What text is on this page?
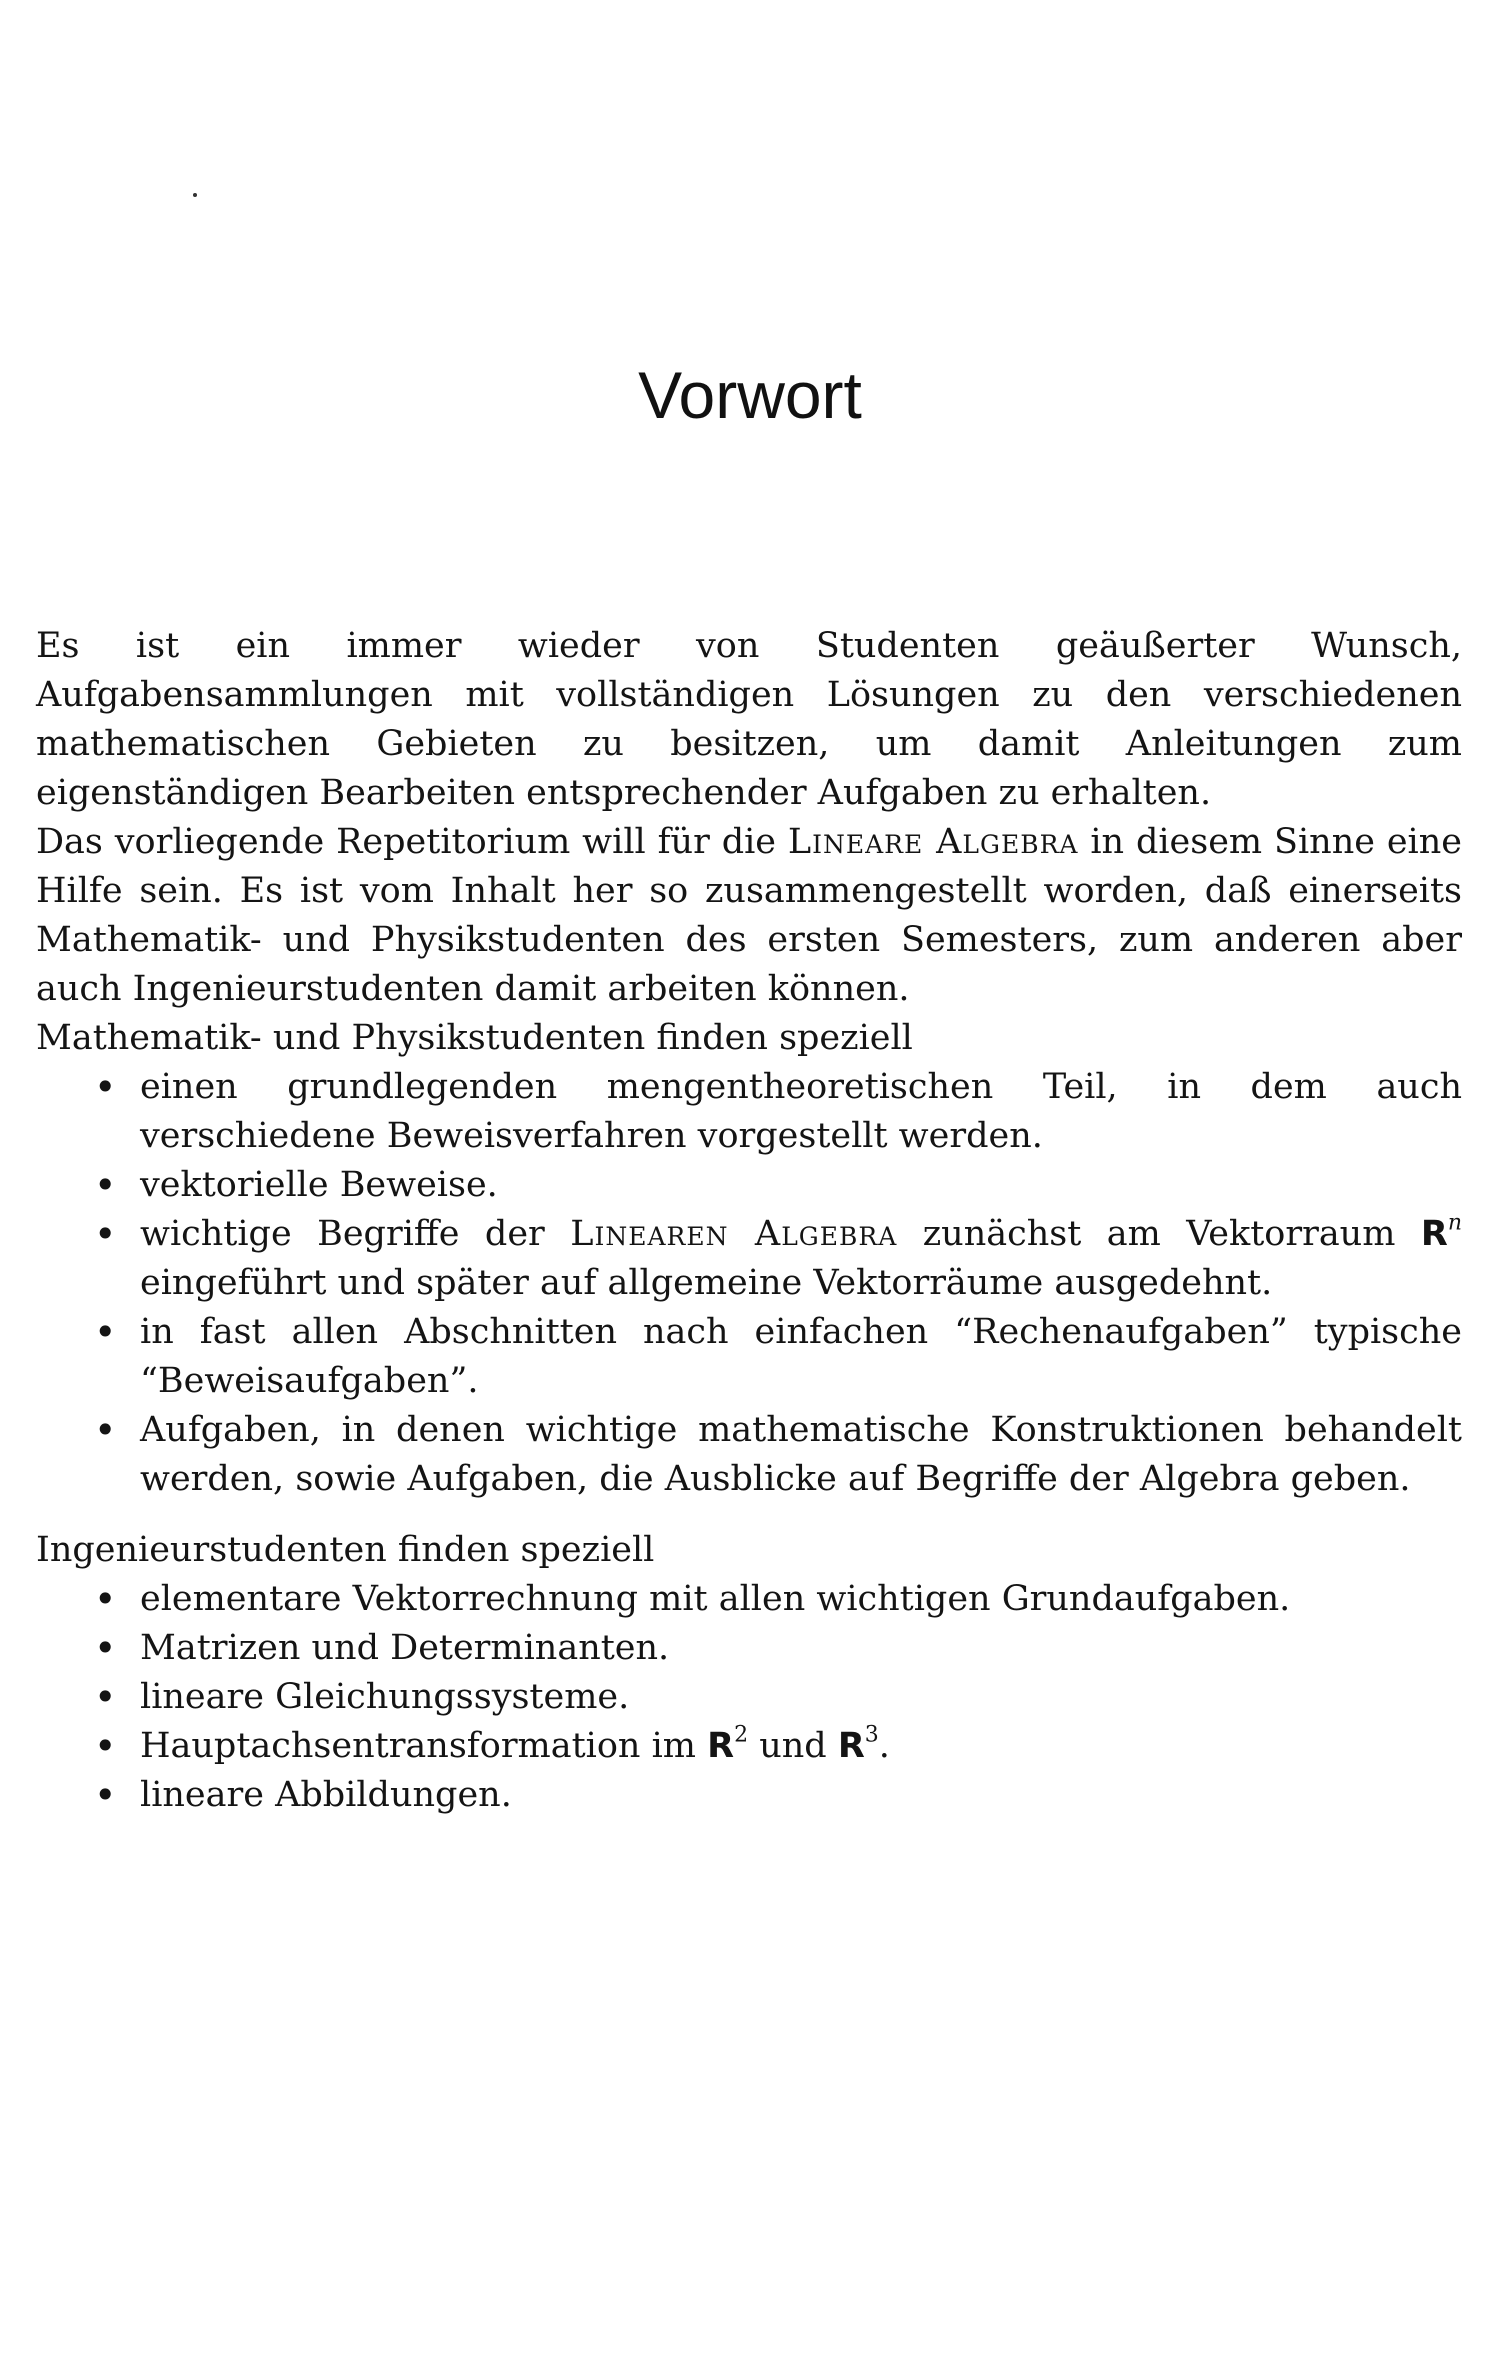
Vorwort

Es ist ein immer wieder von Studenten geäußerter Wunsch, Aufgabensammlungen mit vollständigen Lösungen zu den verschiedenen mathematischen Gebieten zu besitzen, um damit Anleitungen zum eigenständigen Bearbeiten entsprechender Aufgaben zu erhalten.

Das vorliegende Repetitorium will für die Lineare Algebra in diesem Sinne eine Hilfe sein. Es ist vom Inhalt her so zusammengestellt worden, daß einerseits Mathematik- und Physikstudenten des ersten Semesters, zum anderen aber auch Ingenieurstudenten damit arbeiten können.

Mathematik- und Physikstudenten finden speziell

• einen grundlegenden mengentheoretischen Teil, in dem auch verschiedene Beweisverfahren vorgestellt werden.
• vektorielle Beweise.
• wichtige Begriffe der Linearen Algebra zunächst am Vektorraum $R^n$ eingeführt und später auf allgemeine Vektorräume ausgedehnt.
• in fast allen Abschnitten nach einfachen “Rechenaufgaben” typische “Beweisaufgaben”.
• Aufgaben, in denen wichtige mathematische Konstruktionen behandelt werden, sowie Aufgaben, die Ausblicke auf Begriffe der Algebra geben.

Ingenieurstudenten finden speziell

• elementare Vektorrechnung mit allen wichtigen Grundaufgaben.
• Matrizen und Determinanten.
• lineare Gleichungssysteme.
• Hauptachsentransformation im $R^2$ und $R^3$.
• lineare Abbildungen.
